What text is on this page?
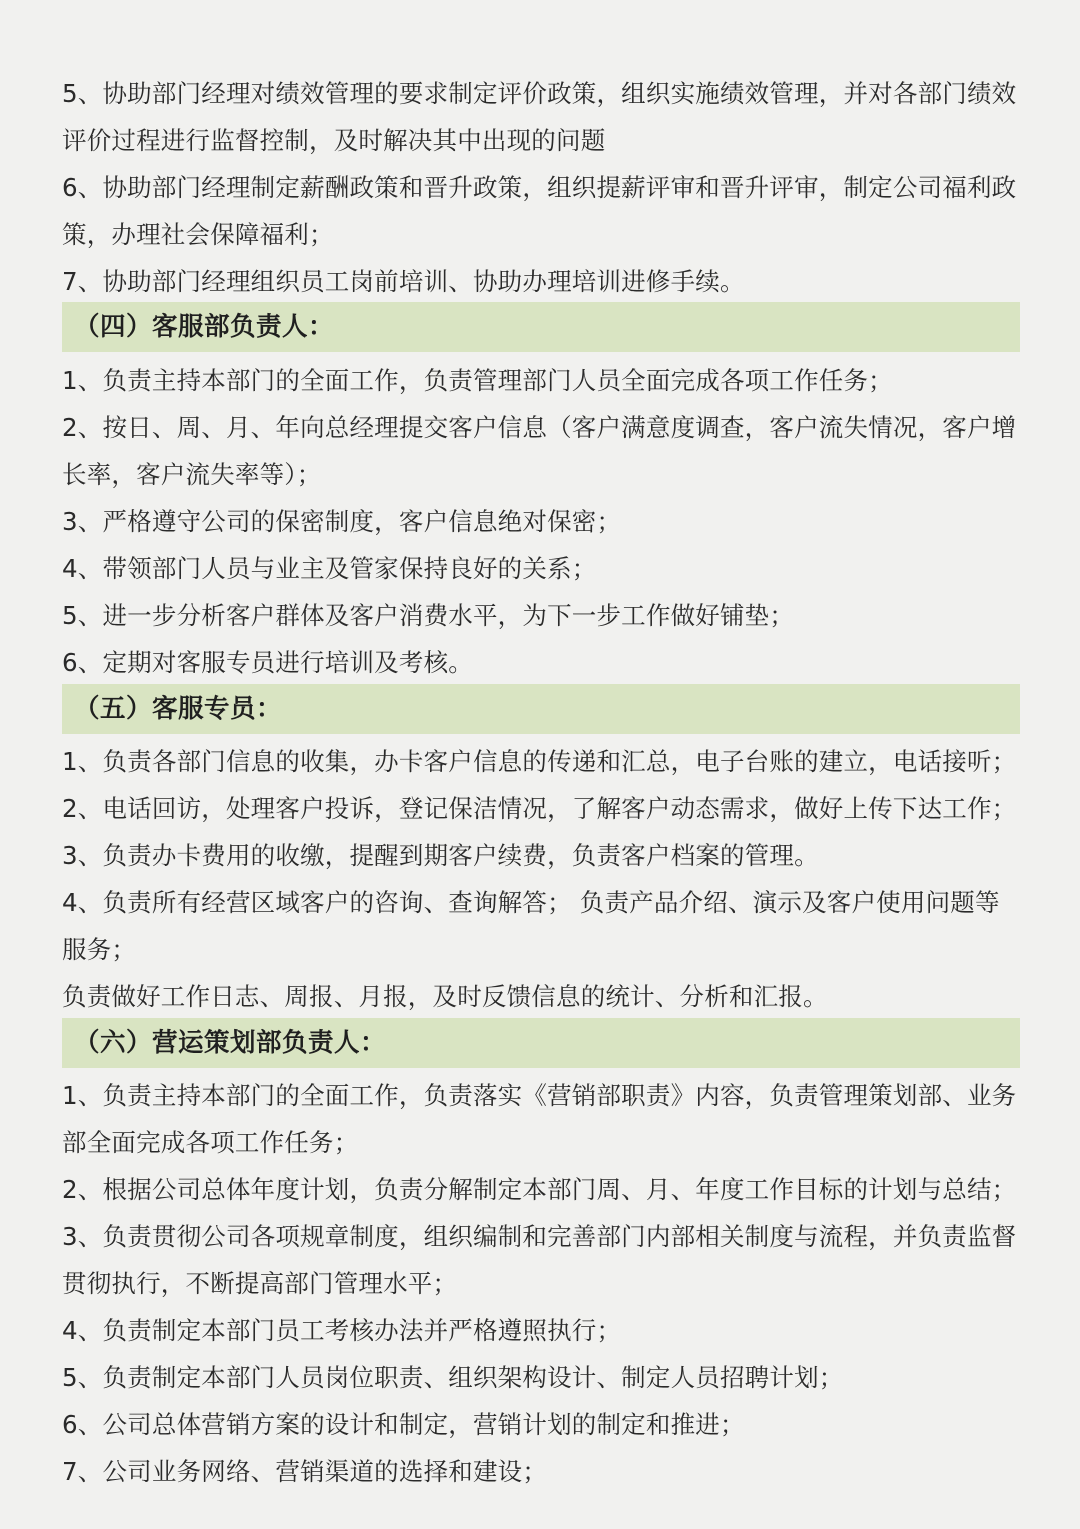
5、协助部门经理对绩效管理的要求制定评价政策，组织实施绩效管理，并对各部门绩效评价过程进行监督控制，及时解决其中出现的问题

6、协助部门经理制定薪酬政策和晋升政策，组织提薪评审和晋升评审，制定公司福利政策，办理社会保障福利；

7、协助部门经理组织员工岗前培训、协助办理培训进修手续。

（四）客服部负责人：

1、负责主持本部门的全面工作，负责管理部门人员全面完成各项工作任务；

2、按日、周、月、年向总经理提交客户信息（客户满意度调查，客户流失情况，客户增长率，客户流失率等）；

3、严格遵守公司的保密制度，客户信息绝对保密；

4、带领部门人员与业主及管家保持良好的关系；

5、进一步分析客户群体及客户消费水平，为下一步工作做好铺垫；

6、定期对客服专员进行培训及考核。

（五）客服专员：

1、负责各部门信息的收集，办卡客户信息的传递和汇总，电子台账的建立，电话接听；

2、电话回访，处理客户投诉，登记保洁情况，了解客户动态需求，做好上传下达工作；

3、负责办卡费用的收缴，提醒到期客户续费，负责客户档案的管理。

4、负责所有经营区域客户的咨询、查询解答； 负责产品介绍、演示及客户使用问题等服务；

负责做好工作日志、周报、月报，及时反馈信息的统计、分析和汇报。

（六）营运策划部负责人：

1、负责主持本部门的全面工作，负责落实《营销部职责》内容，负责管理策划部、业务部全面完成各项工作任务；

2、根据公司总体年度计划，负责分解制定本部门周、月、年度工作目标的计划与总结；

3、负责贯彻公司各项规章制度，组织编制和完善部门内部相关制度与流程，并负责监督贯彻执行，不断提高部门管理水平；

4、负责制定本部门员工考核办法并严格遵照执行；

5、负责制定本部门人员岗位职责、组织架构设计、制定人员招聘计划；

6、公司总体营销方案的设计和制定，营销计划的制定和推进；

7、公司业务网络、营销渠道的选择和建设；
